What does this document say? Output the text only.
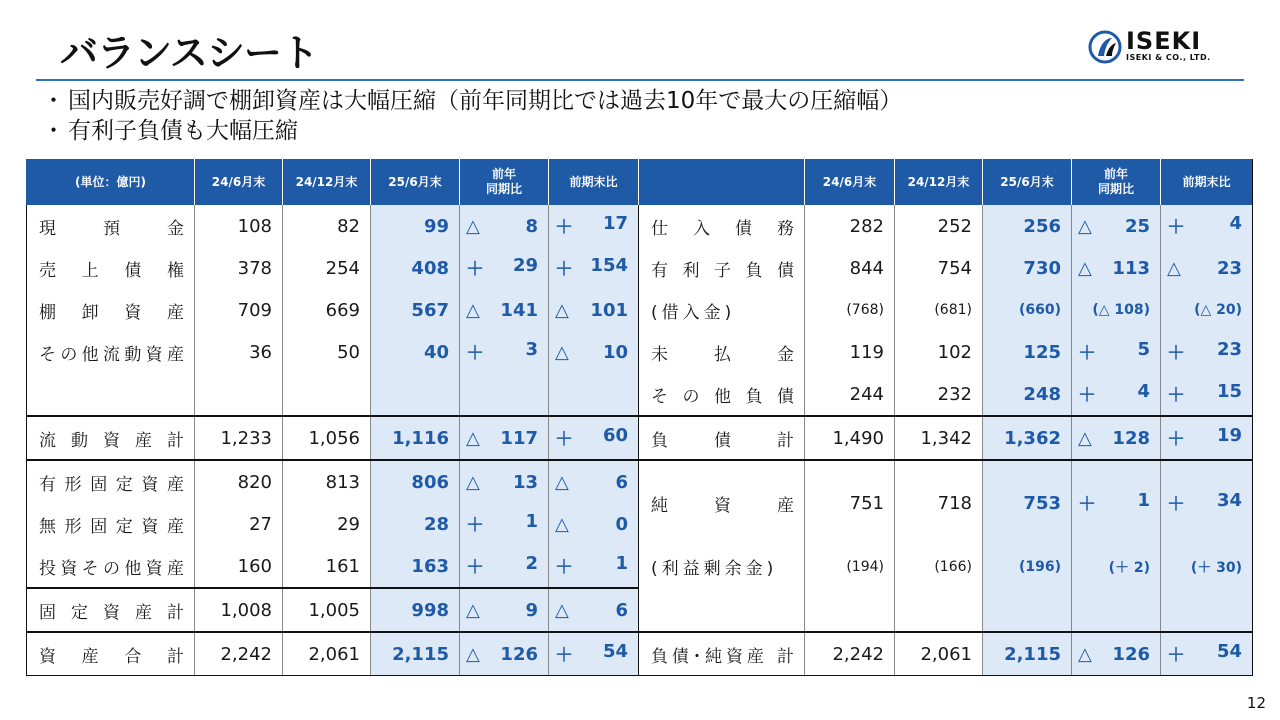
バランスシート	ISEKI
ISEKI & CO., LTD.
・ 国内販売好調で棚卸資産は大幅圧縮（前年同期比では過去10年で最大の圧縮幅）
・ 有利子負債も大幅圧縮
(単位：億円)	24/6月末	24/12月末	25/6月末	前年
同期比	前期末比		24/6月末	24/12月末	25/6月末	前年
同期比	前期末比
現預金	108	82	99	△ 8	＋ 17	仕入債務	282	252	256	△ 25	＋ 4

売上債権	378	254	408	＋ 29	＋ 154	有利子負債	844	754	730	△ 113	△ 23

棚卸資産	709	669	567	△ 141	△ 101	(借入金)	(768)	(681)	(660)	(△ 108)	(△ 20)
その他流動資産	36	50	40	＋ 3	△ 10	未払金	119	102	125	＋ 5	＋ 23

						その他負債	244	232	248	＋ 4	＋ 15

流動資産計	1,233	1,056	1,116	△ 117	＋ 60	負債計	1,490	1,342	1,362	△ 128	＋ 19

有形固定資産	820	813	806	△ 13	△ 6	純資産	751	718	753	＋ 1	＋ 34

無形固定資産	27	29	28	＋ 1	△ 0						

投資その他資産	160	161	163	＋ 2	＋ 1	(利益剰余金)	(194)	(166)	(196)	(＋ 2)	(＋ 30)
固定資産計	1,008	1,005	998	△ 9	△ 6						

資産合計	2,242	2,061	2,115	△ 126	＋ 54	負債･純資産 計	2,242	2,061	2,115	△ 126	＋ 54
12
